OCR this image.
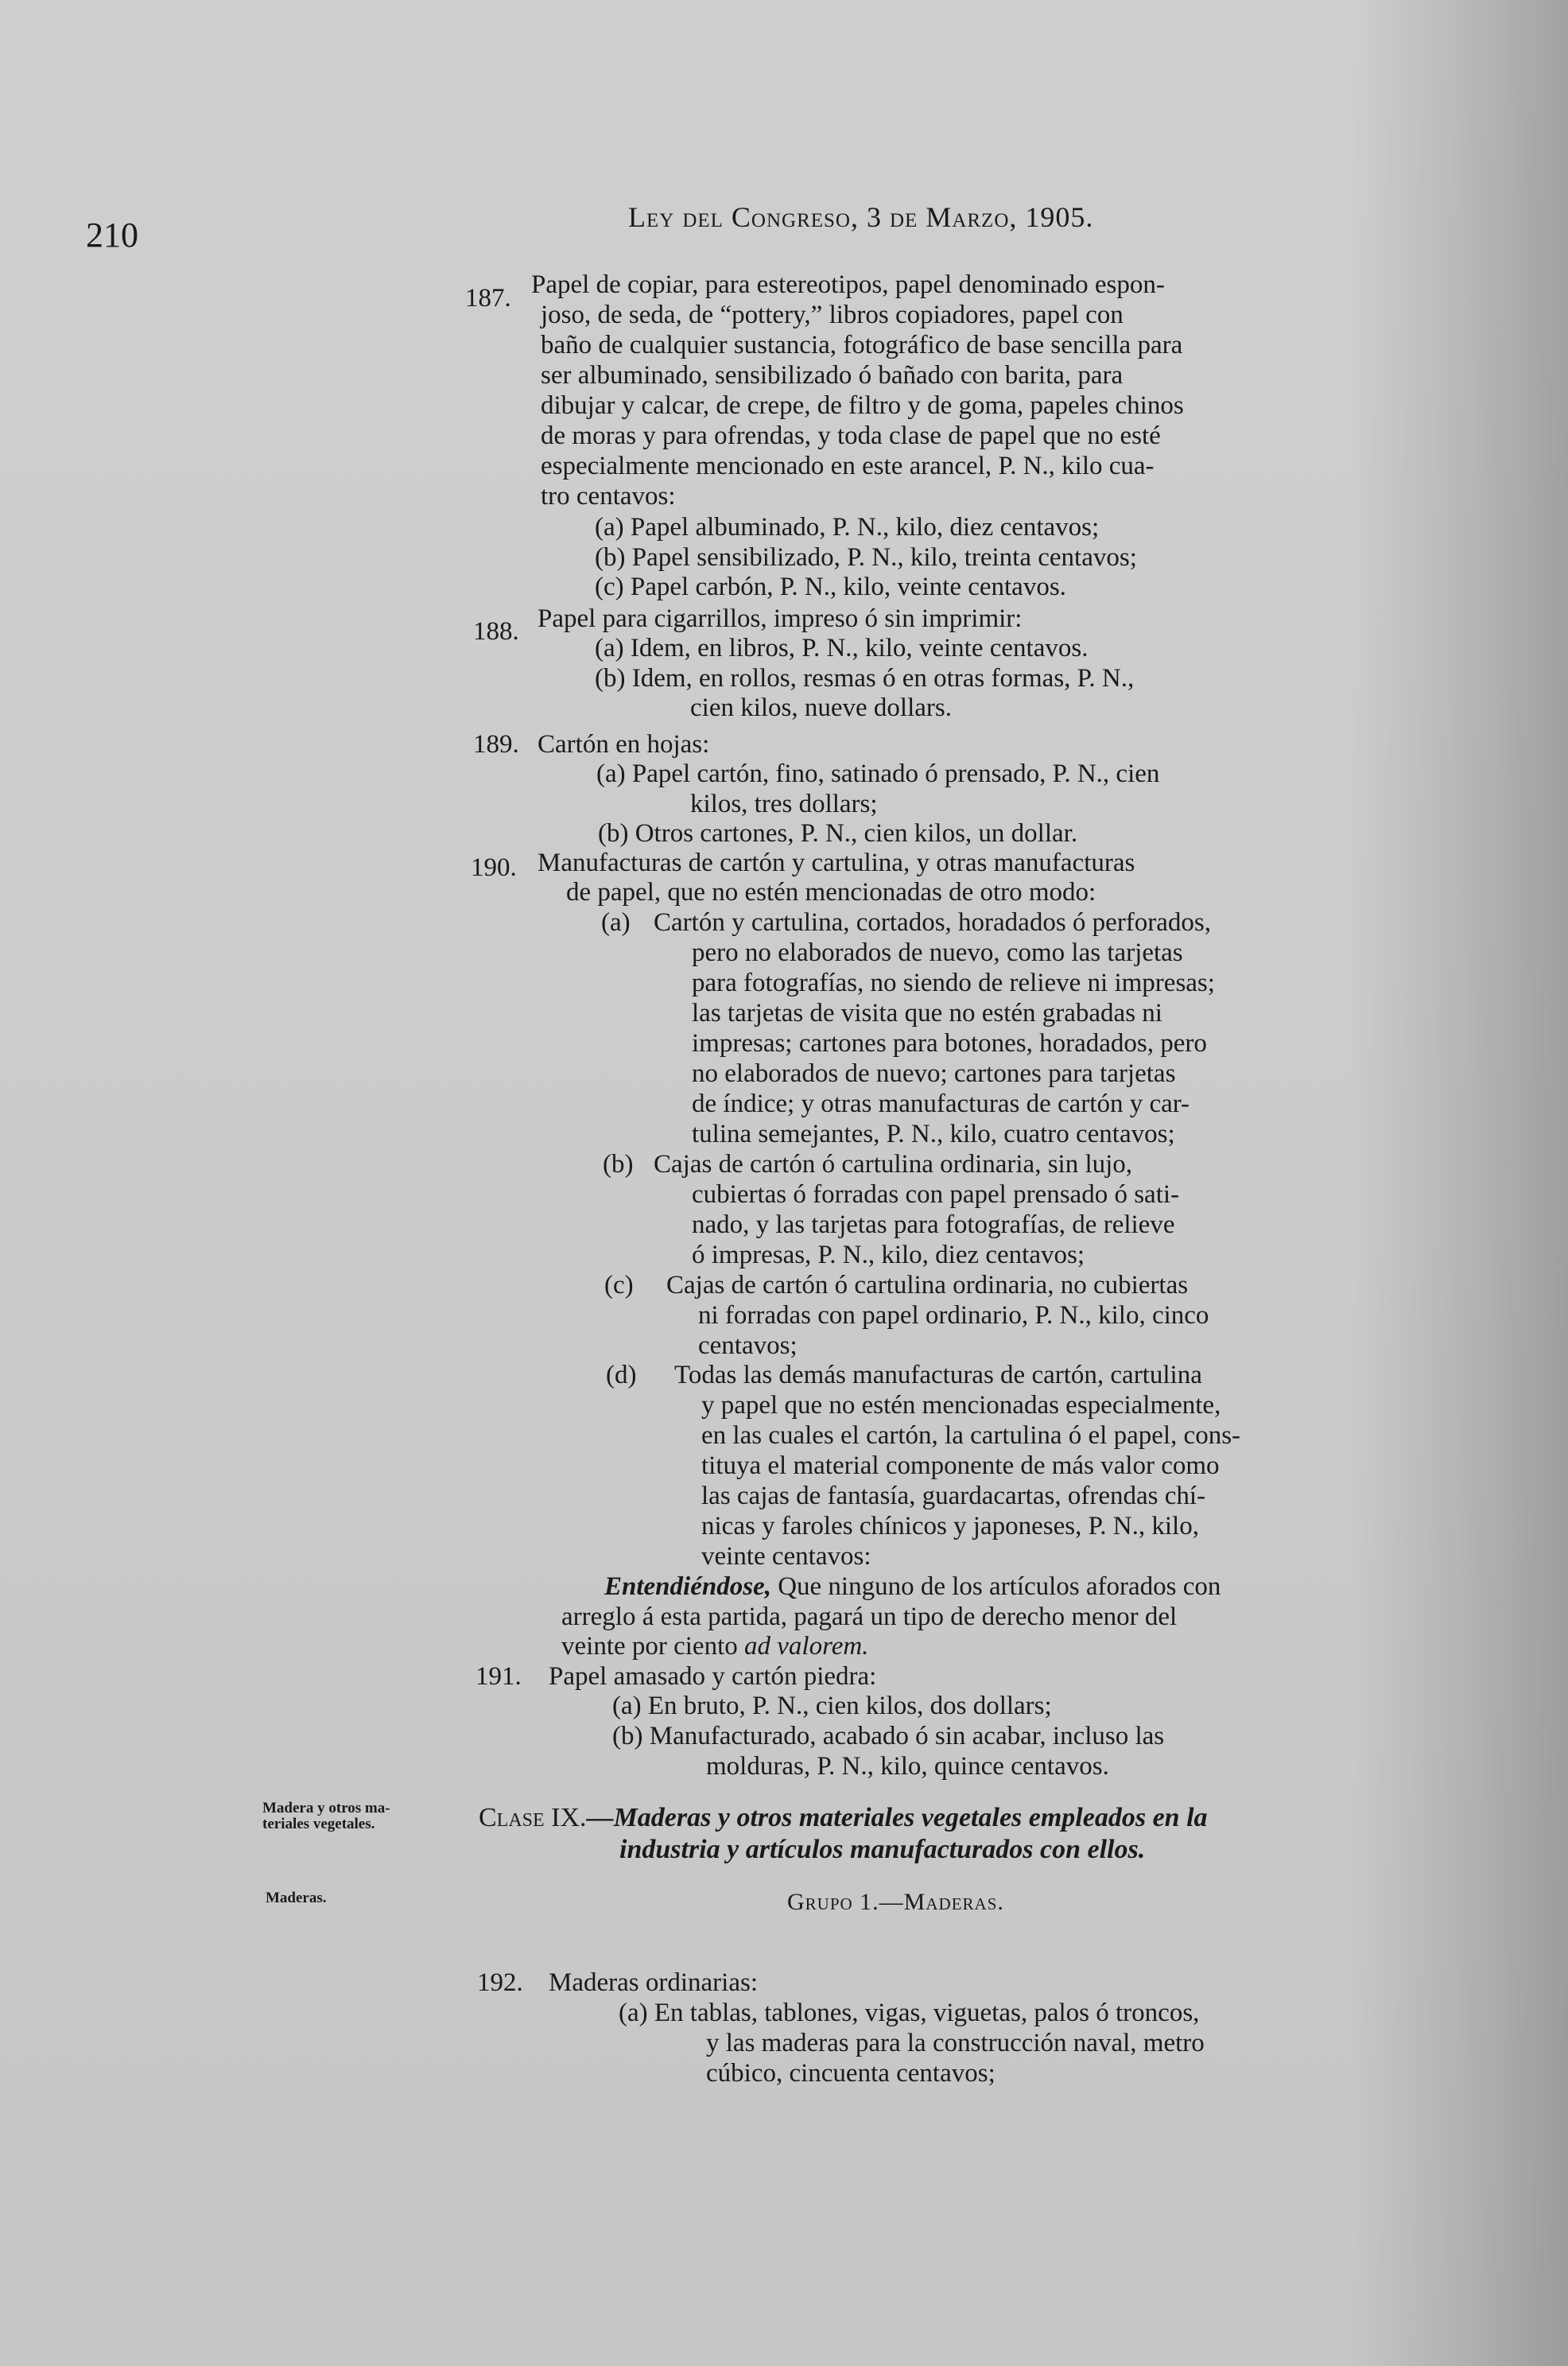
210	Ley del Congreso, 3 de Marzo, 1905.
187. Papel de copiar, para estereotipos, papel denominado espon-
joso, de seda, de “pottery,” libros copiadores, papel con
baño de cualquier sustancia, fotográfico de base sencilla para
ser albuminado, sensibilizado ó bañado con barita, para
dibujar y calcar, de crepe, de filtro y de goma, papeles chinos
de moras y para ofrendas, y toda clase de papel que no esté
especialmente mencionado en este arancel, P. N., kilo cua-
tro centavos:
(a) Papel albuminado, P. N., kilo, diez centavos;
(b) Papel sensibilizado, P. N., kilo, treinta centavos;
(c) Papel carbón, P. N., kilo, veinte centavos.
188. Papel para cigarrillos, impreso ó sin imprimir:
(a) Idem, en libros, P. N., kilo, veinte centavos.
(b) Idem, en rollos, resmas ó en otras formas, P. N.,
cien kilos, nueve dollars.
189. Cartón en hojas:
(a) Papel cartón, fino, satinado ó prensado, P. N., cien
kilos, tres dollars;
(b) Otros cartones, P. N., cien kilos, un dollar.
190. Manufacturas de cartón y cartulina, y otras manufacturas
de papel, que no estén mencionadas de otro modo:
(a) Cartón y cartulina, cortados, horadados ó perforados,
pero no elaborados de nuevo, como las tarjetas
para fotografías, no siendo de relieve ni impresas;
las tarjetas de visita que no estén grabadas ni
impresas; cartones para botones, horadados, pero
no elaborados de nuevo; cartones para tarjetas
de índice; y otras manufacturas de cartón y car-
tulina semejantes, P. N., kilo, cuatro centavos;
(b) Cajas de cartón ó cartulina ordinaria, sin lujo,
cubiertas ó forradas con papel prensado ó sati-
nado, y las tarjetas para fotografías, de relieve
ó impresas, P. N., kilo, diez centavos;
(c) Cajas de cartón ó cartulina ordinaria, no cubiertas
ni forradas con papel ordinario, P. N., kilo, cinco
centavos;
(d) Todas las demás manufacturas de cartón, cartulina
y papel que no estén mencionadas especialmente,
en las cuales el cartón, la cartulina ó el papel, cons-
tituya el material componente de más valor como
las cajas de fantasía, guardacartas, ofrendas chí-
nicas y faroles chínicos y japoneses, P. N., kilo,
veinte centavos:
Entendiéndose, Que ninguno de los artículos aforados con
arreglo á esta partida, pagará un tipo de derecho menor del
veinte por ciento ad valorem.
191. Papel amasado y cartón piedra:
(a) En bruto, P. N., cien kilos, dos dollars;
(b) Manufacturado, acabado ó sin acabar, incluso las
molduras, P. N., kilo, quince centavos.
192. Maderas ordinarias:
(a) En tablas, tablones, vigas, viguetas, palos ó troncos,
y las maderas para la construcción naval, metro
cúbico, cincuenta centavos;
Madera y otros ma-
teriales vegetales.
Maderas.
Clase IX.—Maderas y otros materiales vegetales empleados en la
industria y artículos manufacturados con ellos.
Grupo 1.—Maderas.
